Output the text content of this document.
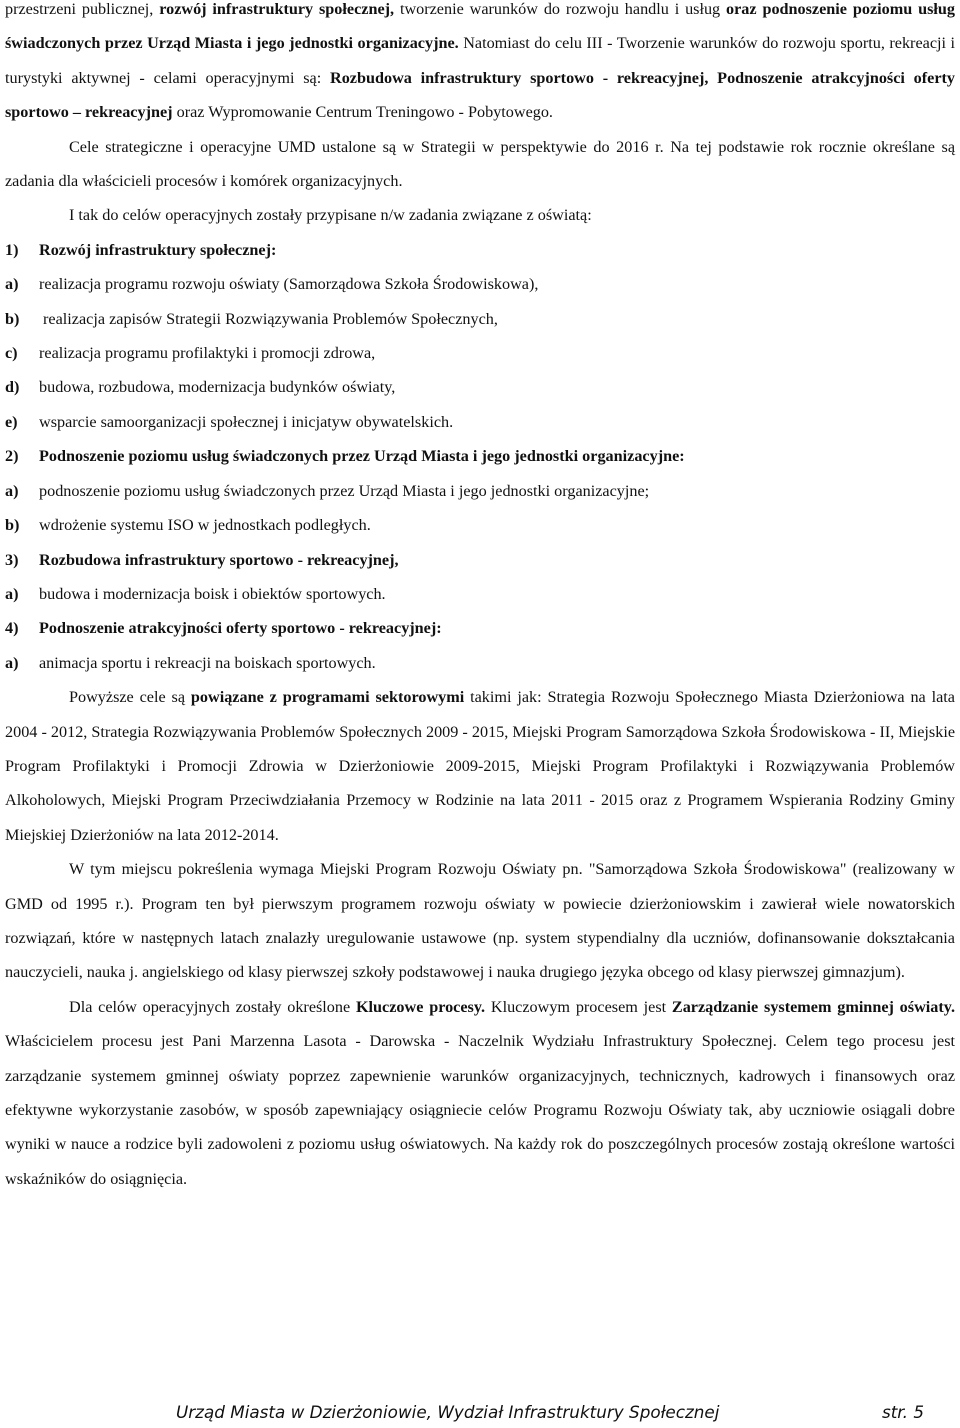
przestrzeni publicznej, rozwój infrastruktury społecznej, tworzenie warunków do rozwoju handlu i usług oraz podnoszenie poziomu usług świadczonych przez Urząd Miasta i jego jednostki organizacyjne. Natomiast do celu III - Tworzenie warunków do rozwoju sportu, rekreacji i turystyki aktywnej - celami operacyjnymi są: Rozbudowa infrastruktury sportowo - rekreacyjnej, Podnoszenie atrakcyjności oferty sportowo – rekreacyjnej oraz Wypromowanie Centrum Treningowo - Pobytowego.

Cele strategiczne i operacyjne UMD ustalone są w Strategii w perspektywie do 2016 r. Na tej podstawie rok rocznie określane są zadania dla właścicieli procesów i komórek organizacyjnych.

I tak do celów operacyjnych zostały przypisane n/w zadania związane z oświatą:

1) Rozwój infrastruktury społecznej:
a) realizacja programu rozwoju oświaty (Samorządowa Szkoła Środowiskowa),
b) realizacja zapisów Strategii Rozwiązywania Problemów Społecznych,
c) realizacja programu profilaktyki i promocji zdrowa,
d) budowa, rozbudowa, modernizacja budynków oświaty,
e) wsparcie samoorganizacji społecznej i inicjatyw obywatelskich.
2) Podnoszenie poziomu usług świadczonych przez Urząd Miasta i jego jednostki organizacyjne:
a) podnoszenie poziomu usług świadczonych przez Urząd Miasta i jego jednostki organizacyjne;
b) wdrożenie systemu ISO w jednostkach podległych.
3) Rozbudowa infrastruktury sportowo - rekreacyjnej,
a) budowa i modernizacja boisk i obiektów sportowych.
4) Podnoszenie atrakcyjności oferty sportowo - rekreacyjnej:
a) animacja sportu i rekreacji na boiskach sportowych.

Powyższe cele są powiązane z programami sektorowymi takimi jak: Strategia Rozwoju Społecznego Miasta Dzierżoniowa na lata 2004 - 2012, Strategia Rozwiązywania Problemów Społecznych 2009 - 2015, Miejski Program Samorządowa Szkoła Środowiskowa - II, Miejskie Program Profilaktyki i Promocji Zdrowia w Dzierżoniowie 2009-2015, Miejski Program Profilaktyki i Rozwiązywania Problemów Alkoholowych, Miejski Program Przeciwdziałania Przemocy w Rodzinie na lata 2011 - 2015 oraz z Programem Wspierania Rodziny Gminy Miejskiej Dzierżoniów na lata 2012-2014.

W tym miejscu pokreślenia wymaga Miejski Program Rozwoju Oświaty pn. "Samorządowa Szkoła Środowiskowa" (realizowany w GMD od 1995 r.). Program ten był pierwszym programem rozwoju oświaty w powiecie dzierżoniowskim i zawierał wiele nowatorskich rozwiązań, które w następnych latach znalazły uregulowanie ustawowe (np. system stypendialny dla uczniów, dofinansowanie dokształcania nauczycieli, nauka j. angielskiego od klasy pierwszej szkoły podstawowej i nauka drugiego języka obcego od klasy pierwszej gimnazjum).

Dla celów operacyjnych zostały określone Kluczowe procesy. Kluczowym procesem jest Zarządzanie systemem gminnej oświaty. Właścicielem procesu jest Pani Marzenna Lasota - Darowska - Naczelnik Wydziału Infrastruktury Społecznej. Celem tego procesu jest zarządzanie systemem gminnej oświaty poprzez zapewnienie warunków organizacyjnych, technicznych, kadrowych i finansowych oraz efektywne wykorzystanie zasobów, w sposób zapewniający osiągniecie celów Programu Rozwoju Oświaty tak, aby uczniowie osiągali dobre wyniki w nauce a rodzice byli zadowoleni z poziomu usług oświatowych. Na każdy rok do poszczególnych procesów zostają określone wartości wskaźników do osiągnięcia.

Urząd Miasta w Dzierżoniowie, Wydział Infrastruktury Społecznej	str. 5
